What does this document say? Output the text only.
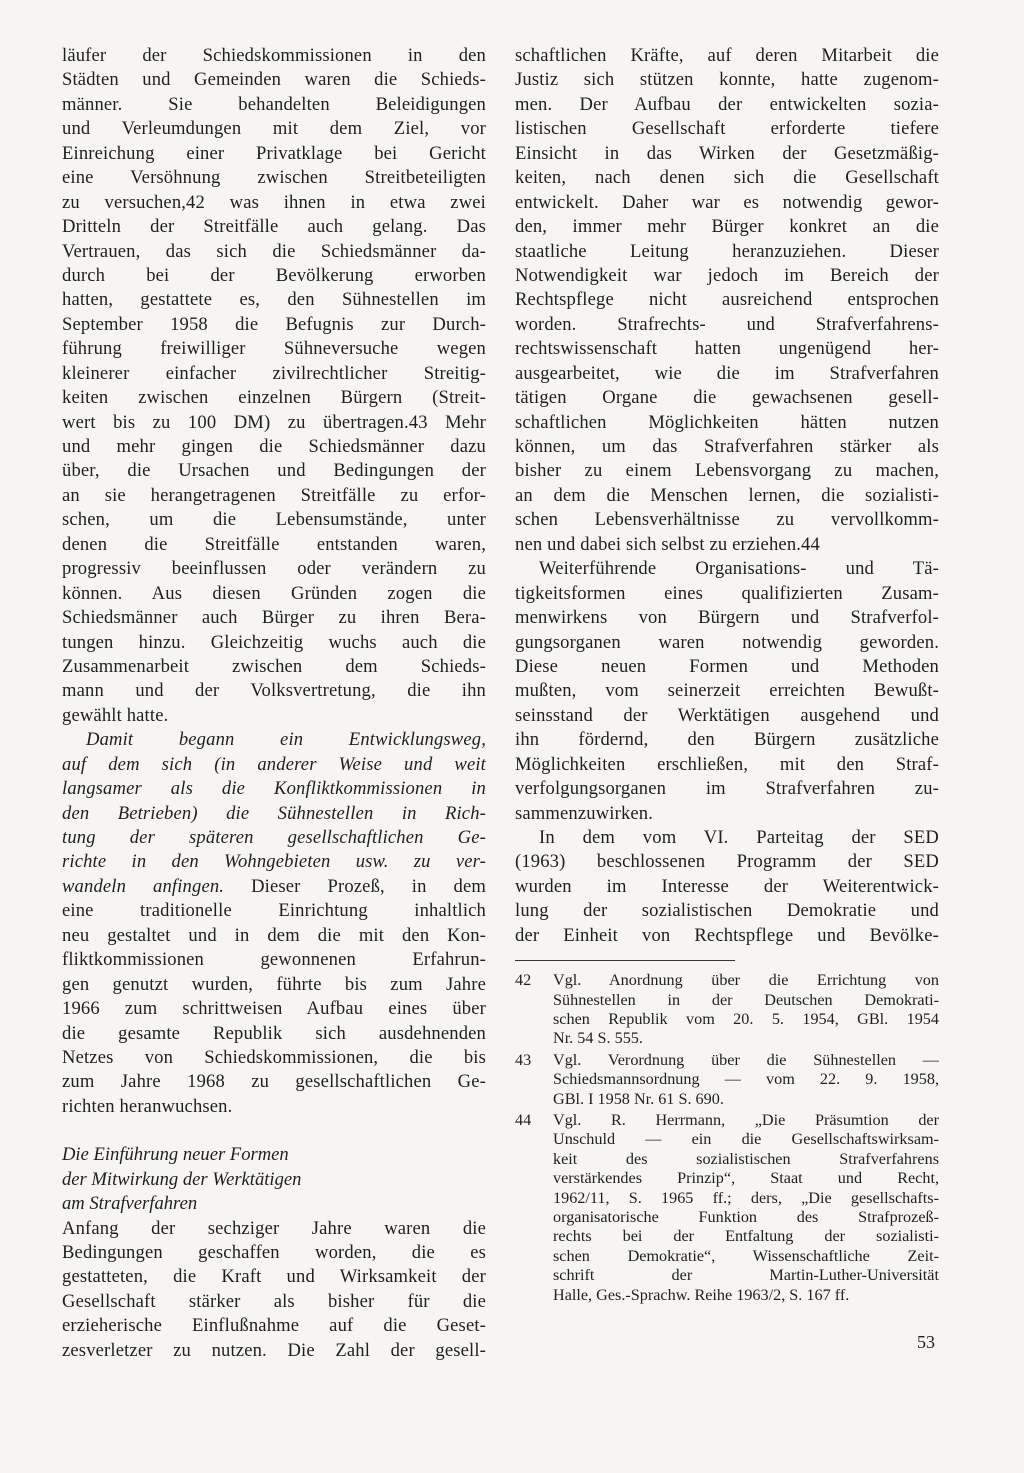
läufer der Schiedskommissionen in den
Städten und Gemeinden waren die Schieds-
männer. Sie behandelten Beleidigungen
und Verleumdungen mit dem Ziel, vor
Einreichung einer Privatklage bei Gericht
eine Versöhnung zwischen Streitbeteiligten
zu versuchen,42 was ihnen in etwa zwei
Dritteln der Streitfälle auch gelang. Das
Vertrauen, das sich die Schiedsmänner da-
durch bei der Bevölkerung erworben
hatten, gestattete es, den Sühnestellen im
September 1958 die Befugnis zur Durch-
führung freiwilliger Sühneversuche wegen
kleinerer einfacher zivilrechtlicher Streitig-
keiten zwischen einzelnen Bürgern (Streit-
wert bis zu 100 DM) zu übertragen.43 Mehr
und mehr gingen die Schiedsmänner dazu
über, die Ursachen und Bedingungen der
an sie herangetragenen Streitfälle zu erfor-
schen, um die Lebensumstände, unter
denen die Streitfälle entstanden waren,
progressiv beeinflussen oder verändern zu
können. Aus diesen Gründen zogen die
Schiedsmänner auch Bürger zu ihren Bera-
tungen hinzu. Gleichzeitig wuchs auch die
Zusammenarbeit zwischen dem Schieds-
mann und der Volksvertretung, die ihn
gewählt hatte.
Damit begann ein Entwicklungsweg,
auf dem sich (in anderer Weise und weit
langsamer als die Konfliktkommissionen in
den Betrieben) die Sühnestellen in Rich-
tung der späteren gesellschaftlichen Ge-
richte in den Wohngebieten usw. zu ver-
wandeln anfingen. Dieser Prozeß, in dem
eine traditionelle Einrichtung inhaltlich
neu gestaltet und in dem die mit den Kon-
fliktkommissionen gewonnenen Erfahrun-
gen genutzt wurden, führte bis zum Jahre
1966 zum schrittweisen Aufbau eines über
die gesamte Republik sich ausdehnenden
Netzes von Schiedskommissionen, die bis
zum Jahre 1968 zu gesellschaftlichen Ge-
richten heranwuchsen.
Die Einführung neuer Formen
der Mitwirkung der Werktätigen
am Strafverfahren
Anfang der sechziger Jahre waren die
Bedingungen geschaffen worden, die es
gestatteten, die Kraft und Wirksamkeit der
Gesellschaft stärker als bisher für die
erzieherische Einflußnahme auf die Geset-
zesverletzer zu nutzen. Die Zahl der gesell-
schaftlichen Kräfte, auf deren Mitarbeit die
Justiz sich stützen konnte, hatte zugenom-
men. Der Aufbau der entwickelten sozia-
listischen Gesellschaft erforderte tiefere
Einsicht in das Wirken der Gesetzmäßig-
keiten, nach denen sich die Gesellschaft
entwickelt. Daher war es notwendig gewor-
den, immer mehr Bürger konkret an die
staatliche Leitung heranzuziehen. Dieser
Notwendigkeit war jedoch im Bereich der
Rechtspflege nicht ausreichend entsprochen
worden. Strafrechts- und Strafverfahrens-
rechtswissenschaft hatten ungenügend her-
ausgearbeitet, wie die im Strafverfahren
tätigen Organe die gewachsenen gesell-
schaftlichen Möglichkeiten hätten nutzen
können, um das Strafverfahren stärker als
bisher zu einem Lebensvorgang zu machen,
an dem die Menschen lernen, die sozialisti-
schen Lebensverhältnisse zu vervollkomm-
nen und dabei sich selbst zu erziehen.44
Weiterführende Organisations- und Tä-
tigkeitsformen eines qualifizierten Zusam-
menwirkens von Bürgern und Strafverfol-
gungsorganen waren notwendig geworden.
Diese neuen Formen und Methoden
mußten, vom seinerzeit erreichten Bewußt-
seinsstand der Werktätigen ausgehend und
ihn fördernd, den Bürgern zusätzliche
Möglichkeiten erschließen, mit den Straf-
verfolgungsorganen im Strafverfahren zu-
sammenzuwirken.
In dem vom VI. Parteitag der SED
(1963) beschlossenen Programm der SED
wurden im Interesse der Weiterentwick-
lung der sozialistischen Demokratie und
der Einheit von Rechtspflege und Bevölke-
42 Vgl. Anordnung über die Errichtung von
Sühnestellen in der Deutschen Demokrati-
schen Republik vom 20. 5. 1954, GBl. 1954
Nr. 54 S. 555.
43 Vgl. Verordnung über die Sühnestellen —
Schiedsmannsordnung — vom 22. 9. 1958,
GBl. I 1958 Nr. 61 S. 690.
44 Vgl. R. Herrmann, „Die Präsumtion der
Unschuld — ein die Gesellschaftswirksam-
keit des sozialistischen Strafverfahrens
verstärkendes Prinzip“, Staat und Recht,
1962/11, S. 1965 ff.; ders, „Die gesellschafts-
organisatorische Funktion des Strafprozeß-
rechts bei der Entfaltung der sozialisti-
schen Demokratie“, Wissenschaftliche Zeit-
schrift der Martin-Luther-Universität
Halle, Ges.-Sprachw. Reihe 1963/2, S. 167 ff.
53
